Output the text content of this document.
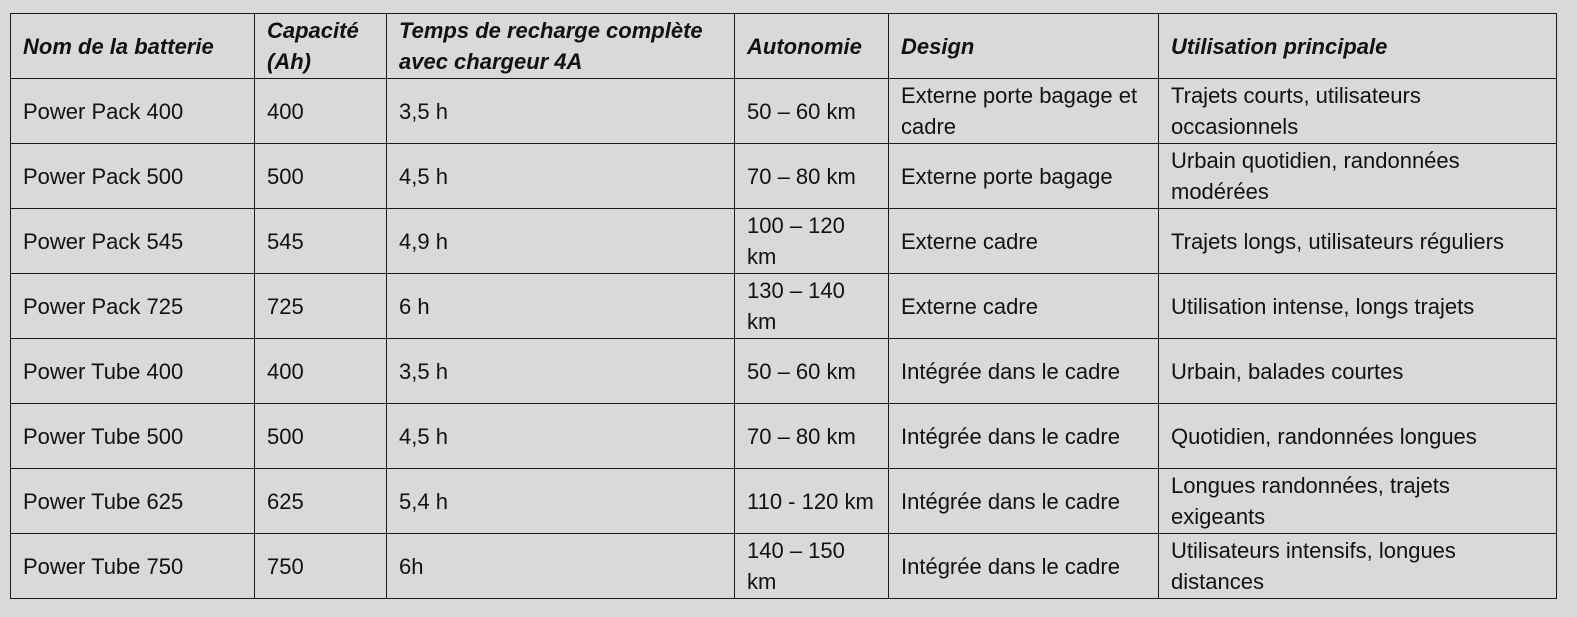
Nom de la batterie	Capacité (Ah)	Temps de recharge complète avec chargeur 4A	Autonomie	Design	Utilisation principale
Power Pack 400	400	3,5 h	50 – 60 km	Externe porte bagage et cadre	Trajets courts, utilisateurs occasionnels
Power Pack 500	500	4,5 h	70 – 80 km	Externe porte bagage	Urbain quotidien, randonnées modérées
Power Pack 545	545	4,9 h	100 – 120 km	Externe cadre	Trajets longs, utilisateurs réguliers
Power Pack 725	725	6 h	130 – 140 km	Externe cadre	Utilisation intense, longs trajets
Power Tube 400	400	3,5 h	50 – 60 km	Intégrée dans le cadre	Urbain, balades courtes
Power Tube 500	500	4,5 h	70 – 80 km	Intégrée dans le cadre	Quotidien, randonnées longues
Power Tube 625	625	5,4 h	110 - 120 km	Intégrée dans le cadre	Longues randonnées, trajets exigeants
Power Tube 750	750	6h	140 – 150 km	Intégrée dans le cadre	Utilisateurs intensifs, longues distances
